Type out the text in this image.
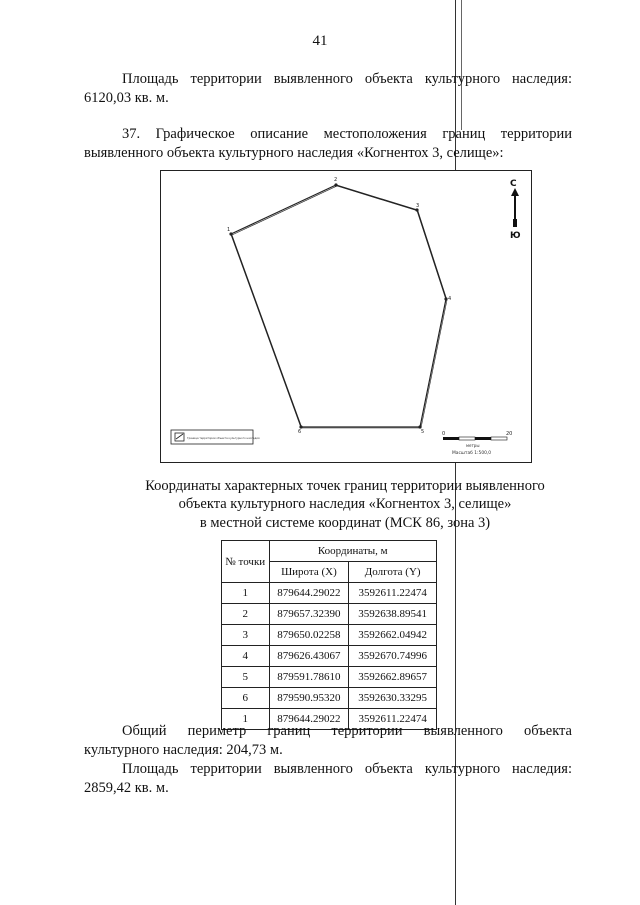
41
Площадь территории выявленного объекта культурного наследия:
6120,03 кв. м.
37. Графическое описание местоположения границ территории
выявленного объекта культурного наследия «Когнентох 3, селище»:
1
2
3
4
5
6
С
Ю
Граница территории объекта культурного наследия
0	20
метры
Масштаб 1:500,0
Координаты характерных точек границ территории выявленного
объекта культурного наследия «Когнентох 3, селище»
в местной системе координат (МСК 86, зона 3)
№ точки	Координаты, м	
	Широта (X)	Долгота (Y)
1	879644.29022	3592611.22474
2	879657.32390	3592638.89541
3	879650.02258	3592662.04942
4	879626.43067	3592670.74996
5	879591.78610	3592662.89657
6	879590.95320	3592630.33295
1	879644.29022	3592611.22474
Общий периметр границ территории выявленного объекта
культурного наследия: 204,73 м.
Площадь территории выявленного объекта культурного наследия:
2859,42 кв. м.
